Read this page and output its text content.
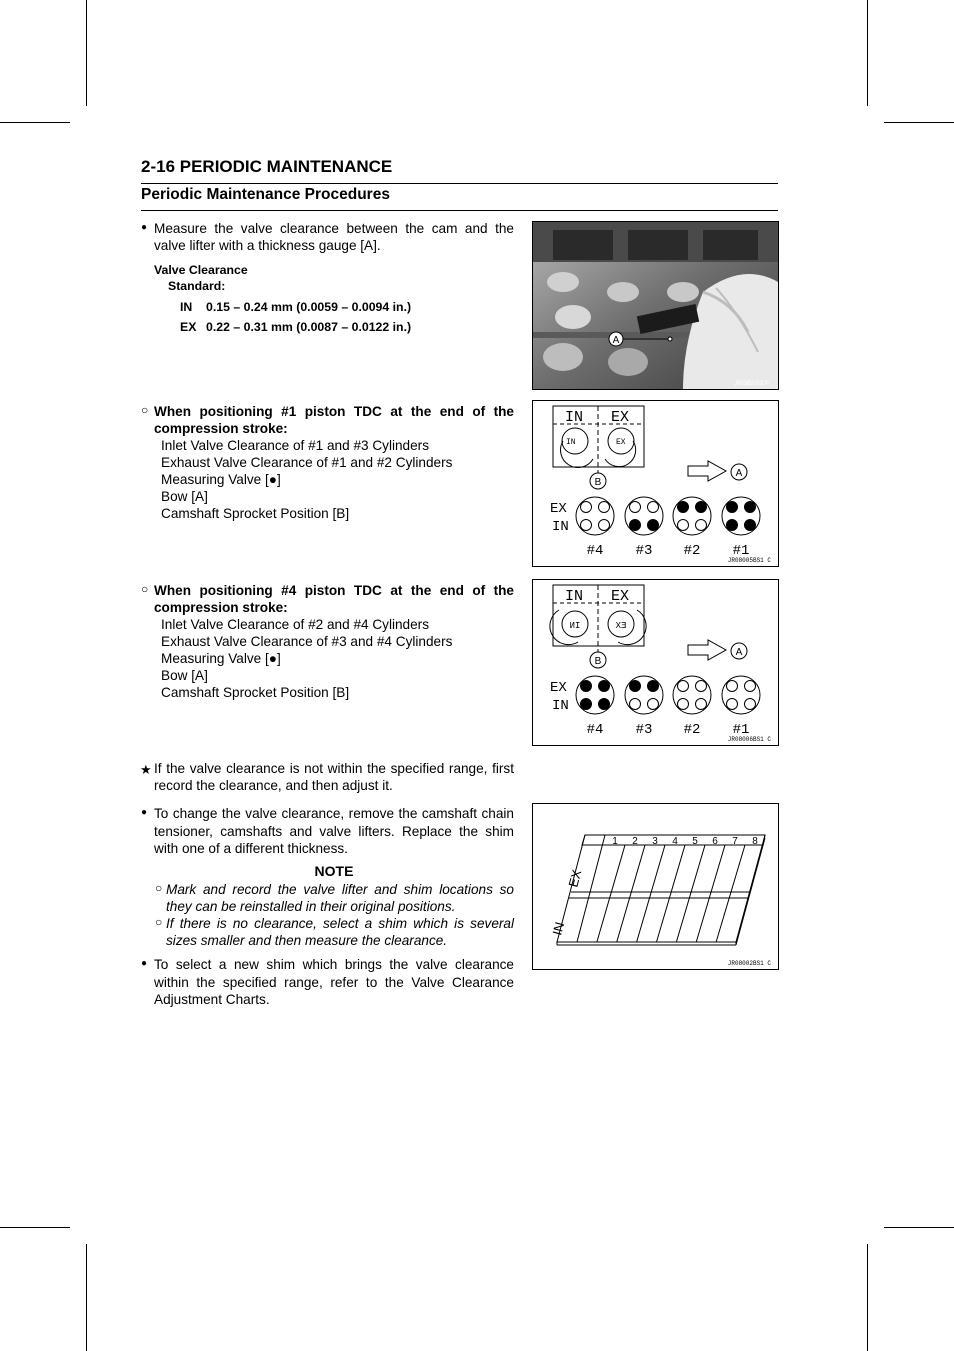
2-16 PERIODIC MAINTENANCE
Periodic Maintenance Procedures
● Measure the valve clearance between the cam and the valve lifter with a thickness gauge [A].
Valve Clearance
Standard:
IN 0.15 – 0.24 mm (0.0059 – 0.0094 in.)
EX 0.22 – 0.31 mm (0.0087 – 0.0122 in.)
A
JR0IB003 P
○ When positioning #1 piston TDC at the end of the compression stroke:
Inlet Valve Clearance of #1 and #3 Cylinders
Exhaust Valve Clearance of #1 and #2 Cylinders
Measuring Valve [●]
Bow [A]
Camshaft Sprocket Position [B]
IN EX
IN	EX
B
A
EX
IN
#4 #3 #2 #1
JR08005BS1 C
○ When positioning #4 piston TDC at the end of the compression stroke:
Inlet Valve Clearance of #2 and #4 Cylinders
Exhaust Valve Clearance of #3 and #4 Cylinders
Measuring Valve [●]
Bow [A]
Camshaft Sprocket Position [B]
IN EX
IN	EX
B
A
EX
IN
#4 #3 #2 #1
JR08006BS1 C
★ If the valve clearance is not within the specified range, first record the clearance, and then adjust it.
● To change the valve clearance, remove the camshaft chain tensioner, camshafts and valve lifters. Replace the shim with one of a different thickness.
NOTE
○ Mark and record the valve lifter and shim locations so they can be reinstalled in their original positions.
○ If there is no clearance, select a shim which is several sizes smaller and then measure the clearance.
● To select a new shim which brings the valve clearance within the specified range, refer to the Valve Clearance Adjustment Charts.
1 2 3 4 5 6 7 8
EX
IN
JR08002BS1 C
